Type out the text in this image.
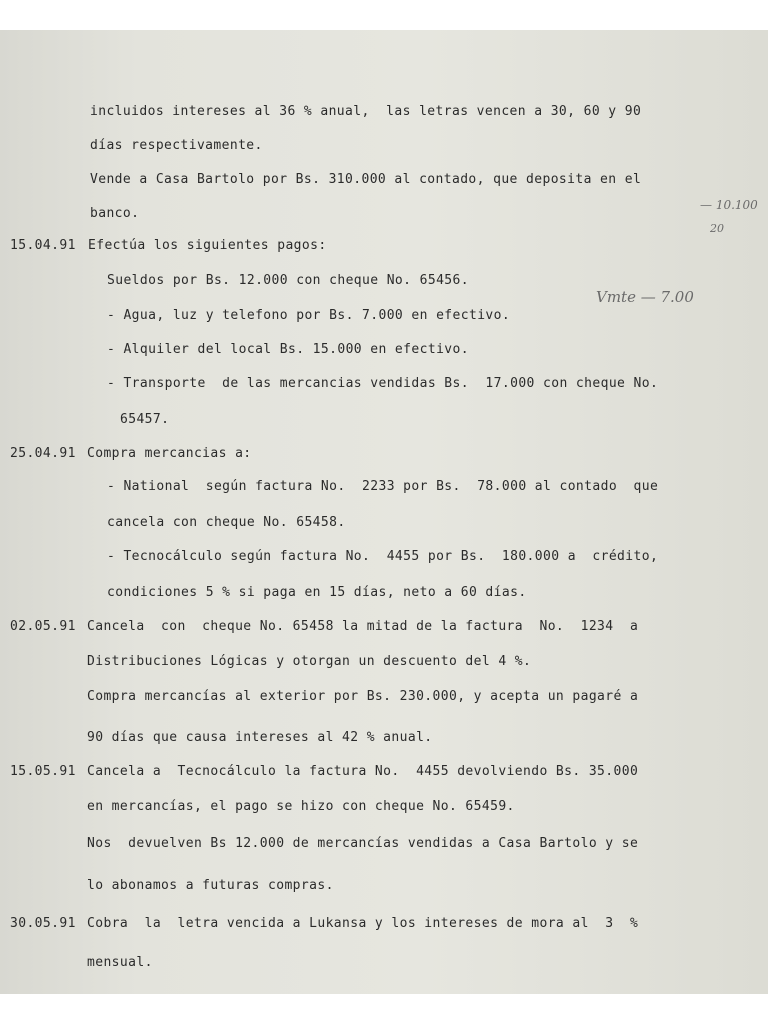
incluidos intereses al 36 % anual,  las letras vencen a 30, 60 y 90
días respectivamente.
Vende a Casa Bartolo por Bs. 310.000 al contado, que deposita en el
banco.
15.04.91 Efectúa los siguientes pagos:
Sueldos por Bs. 12.000 con cheque No. 65456.
- Agua, luz y telefono por Bs. 7.000 en efectivo.
- Alquiler del local Bs. 15.000 en efectivo.
- Transporte  de las mercancias vendidas Bs.  17.000 con cheque No.
65457.
25.04.91 Compra mercancias a:
- National  según factura No.  2233 por Bs.  78.000 al contado  que
cancela con cheque No. 65458.
- Tecnocálculo según factura No.  4455 por Bs.  180.000 a  crédito,
condiciones 5 % si paga en 15 días, neto a 60 días.
02.05.91 Cancela  con  cheque No. 65458 la mitad de la factura  No.  1234  a
Distribuciones Lógicas y otorgan un descuento del 4 %.
Compra mercancías al exterior por Bs. 230.000, y acepta un pagaré a
90 días que causa intereses al 42 % anual.
15.05.91 Cancela a  Tecnocálculo la factura No.  4455 devolviendo Bs. 35.000
en mercancías, el pago se hizo con cheque No. 65459.
Nos  devuelven Bs 12.000 de mercancías vendidas a Casa Bartolo y se
lo abonamos a futuras compras.
30.05.91 Cobra  la  letra vencida a Lukansa y los intereses de mora al  3  %
mensual.
— 10.100
20
Vmte — 7.00
